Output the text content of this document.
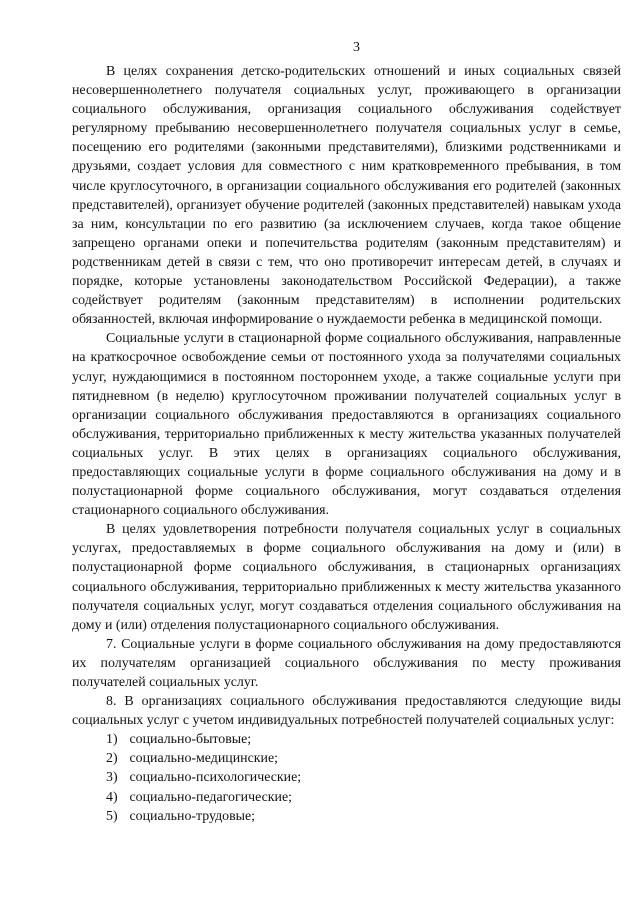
3

В целях сохранения детско-родительских отношений и иных социальных связей несовершеннолетнего получателя социальных услуг, проживающего в организации социального обслуживания, организация социального обслуживания содействует регулярному пребыванию несовершеннолетнего получателя социальных услуг в семье, посещению его родителями (законными представителями), близкими родственниками и друзьями, создает условия для совместного с ним кратковременного пребывания, в том числе круглосуточного, в организации социального обслуживания его родителей (законных представителей), организует обучение родителей (законных представителей) навыкам ухода за ним, консультации по его развитию (за исключением случаев, когда такое общение запрещено органами опеки и попечительства родителям (законным представителям) и родственникам детей в связи с тем, что оно противоречит интересам детей, в случаях и порядке, которые установлены законодательством Российской Федерации), а также содействует родителям (законным представителям) в исполнении родительских обязанностей, включая информирование о нуждаемости ребенка в медицинской помощи.

Социальные услуги в стационарной форме социального обслуживания, направленные на краткосрочное освобождение семьи от постоянного ухода за получателями социальных услуг, нуждающимися в постоянном постороннем уходе, а также социальные услуги при пятидневном (в неделю) круглосуточном проживании получателей социальных услуг в организации социального обслуживания предоставляются в организациях социального обслуживания, территориально приближенных к месту жительства указанных получателей социальных услуг. В этих целях в организациях социального обслуживания, предоставляющих социальные услуги в форме социального обслуживания на дому и в полустационарной форме социального обслуживания, могут создаваться отделения стационарного социального обслуживания.

В целях удовлетворения потребности получателя социальных услуг в социальных услугах, предоставляемых в форме социального обслуживания на дому и (или) в полустационарной форме социального обслуживания, в стационарных организациях социального обслуживания, территориально приближенных к месту жительства указанного получателя социальных услуг, могут создаваться отделения социального обслуживания на дому и (или) отделения полустационарного социального обслуживания.

7. Социальные услуги в форме социального обслуживания на дому предоставляются их получателям организацией социального обслуживания по месту проживания получателей социальных услуг.

8. В организациях социального обслуживания предоставляются следующие виды социальных услуг с учетом индивидуальных потребностей получателей социальных услуг:

1) социально-бытовые;
2) социально-медицинские;
3) социально-психологические;
4) социально-педагогические;
5) социально-трудовые;
